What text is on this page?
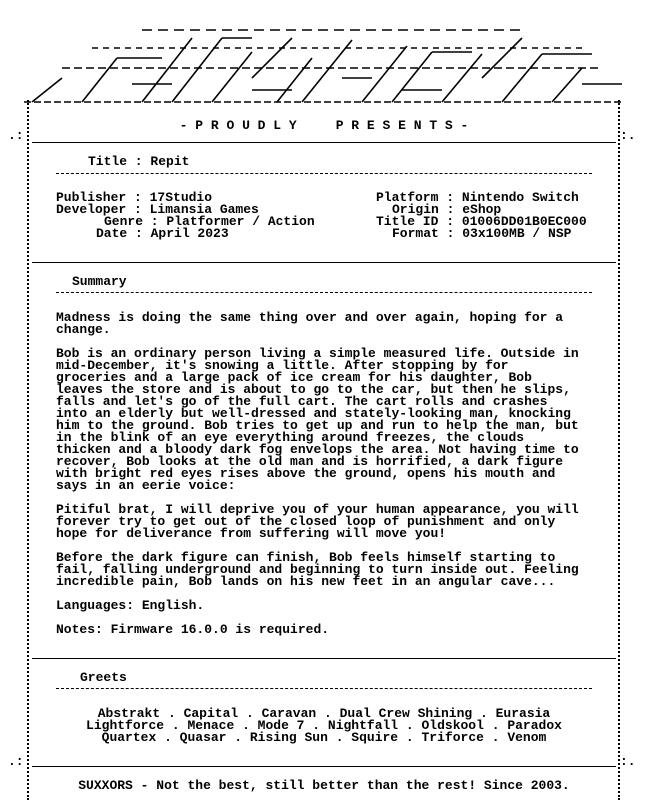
.:	:.
.:	:.
- P R O U D L Y     P R E S E N T S -
Title : Repit
Publisher : 17Studio
Developer : Limansia Games
Genre : Platformer / Action
Date : April 2023
Platform : Nintendo Switch
Origin : eShop
Title ID : 01006DD01B0EC000
Format : 03x100MB / NSP
Summary
Madness is doing the same thing over and over again, hoping for a
change.
Bob is an ordinary person living a simple measured life. Outside in
mid-December, it's snowing a little. After stopping by for
groceries and a large pack of ice cream for his daughter, Bob
leaves the store and is about to go to the car, but then he slips,
falls and let's go of the full cart. The cart rolls and crashes
into an elderly but well-dressed and stately-looking man, knocking
him to the ground. Bob tries to get up and run to help the man, but
in the blink of an eye everything around freezes, the clouds
thicken and a bloody dark fog envelops the area. Not having time to
recover, Bob looks at the old man and is horrified, a dark figure
with bright red eyes rises above the ground, opens his mouth and
says in an eerie voice:
Pitiful brat, I will deprive you of your human appearance, you will
forever try to get out of the closed loop of punishment and only
hope for deliverance from suffering will move you!
Before the dark figure can finish, Bob feels himself starting to
fail, falling underground and beginning to turn inside out. Feeling
incredible pain, Bob lands on his new feet in an angular cave...
Languages: English.
Notes: Firmware 16.0.0 is required.
Greets
Abstrakt . Capital . Caravan . Dual Crew Shining . Eurasia
Lightforce . Menace . Mode 7 . Nightfall . Oldskool . Paradox
Quartex . Quasar . Rising Sun . Squire . Triforce . Venom
SUXXORS - Not the best, still better than the rest! Since 2003.
